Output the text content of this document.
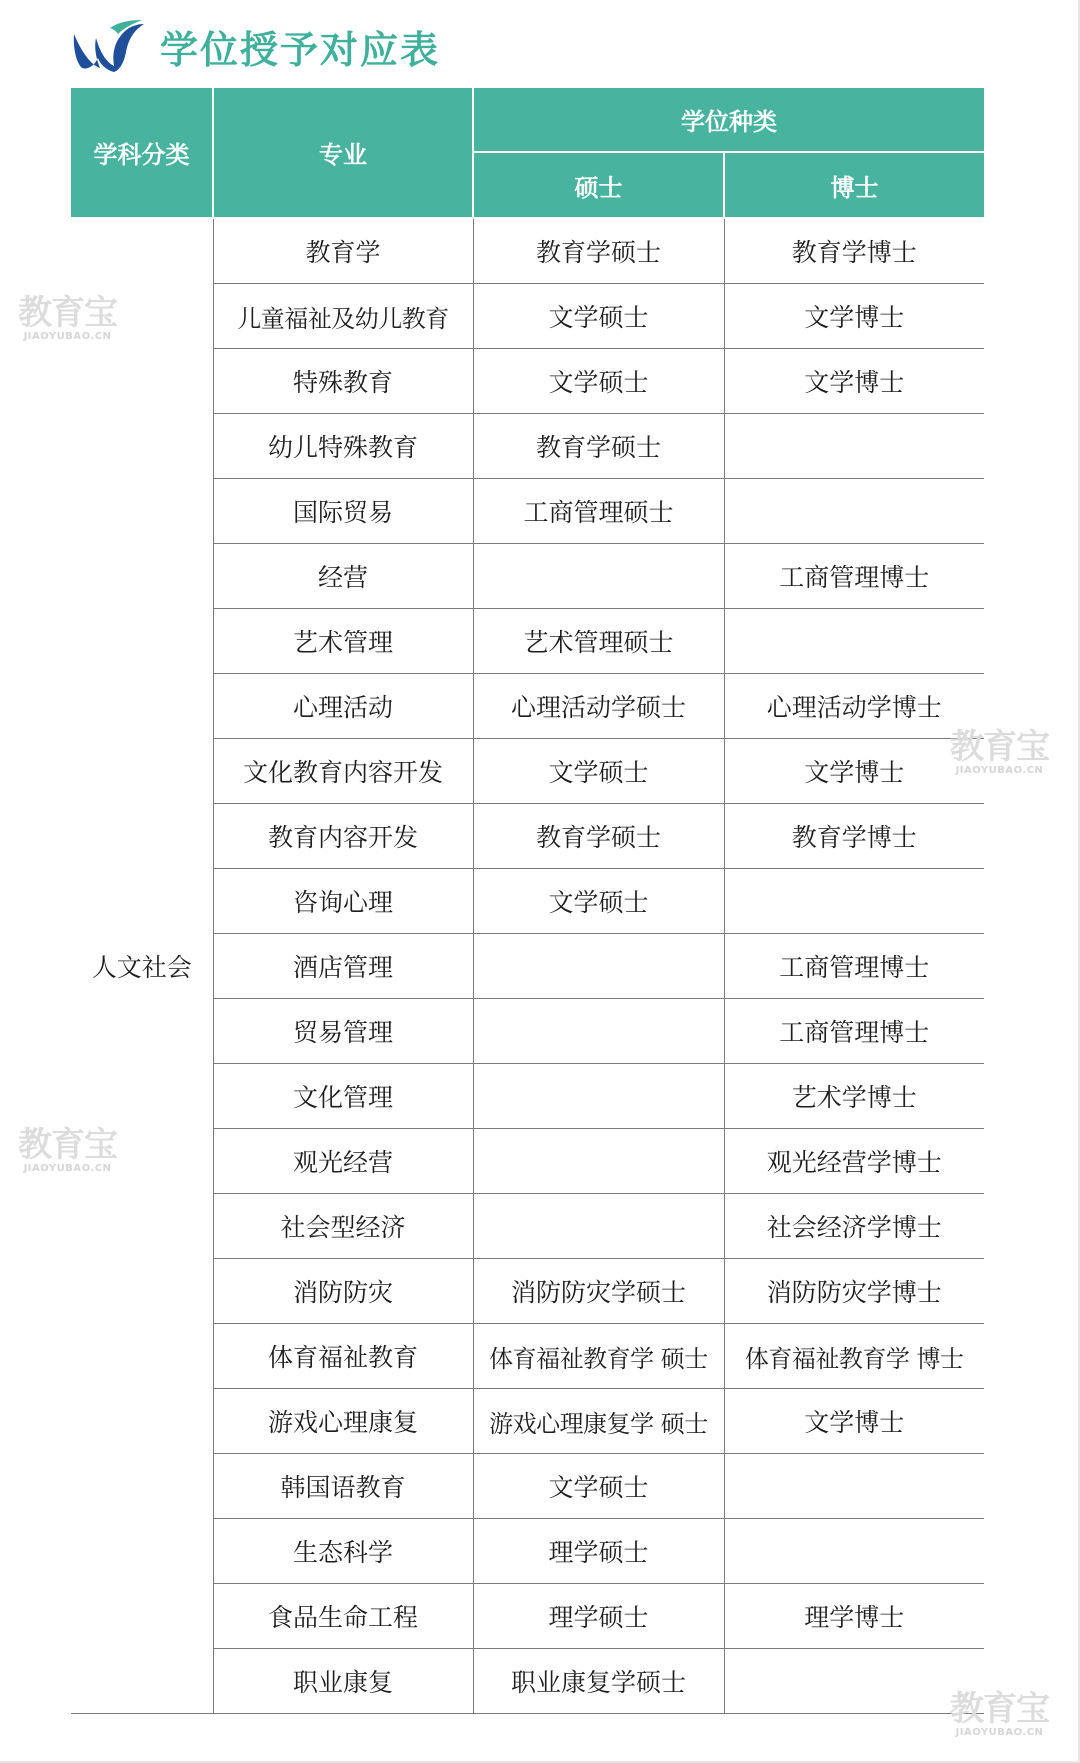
学位授予对应表
学科分类	专业	学位种类	
		硕士	博士
人文社会	教育学	教育学硕士	教育学博士
	儿童福祉及幼儿教育	文学硕士	文学博士
	特殊教育	文学硕士	文学博士
	幼儿特殊教育	教育学硕士	
	国际贸易	工商管理硕士	
	经营		工商管理博士
	艺术管理	艺术管理硕士	
	心理活动	心理活动学硕士	心理活动学博士
	文化教育内容开发	文学硕士	文学博士
	教育内容开发	教育学硕士	教育学博士
	咨询心理	文学硕士	
	酒店管理		工商管理博士
	贸易管理		工商管理博士
	文化管理		艺术学博士
	观光经营		观光经营学博士
	社会型经济		社会经济学博士
	消防防灾	消防防灾学硕士	消防防灾学博士
	体育福祉教育	体育福祉教育学 硕士	体育福祉教育学 博士
	游戏心理康复	游戏心理康复学 硕士	文学博士
	韩国语教育	文学硕士	
	生态科学	理学硕士	
	食品生命工程	理学硕士	理学博士
	职业康复	职业康复学硕士	
教育宝
JIAOYUBAO.CN
教育宝
JIAOYUBAO.CN
教育宝
JIAOYUBAO.CN
教育宝
JIAOYUBAO.CN
